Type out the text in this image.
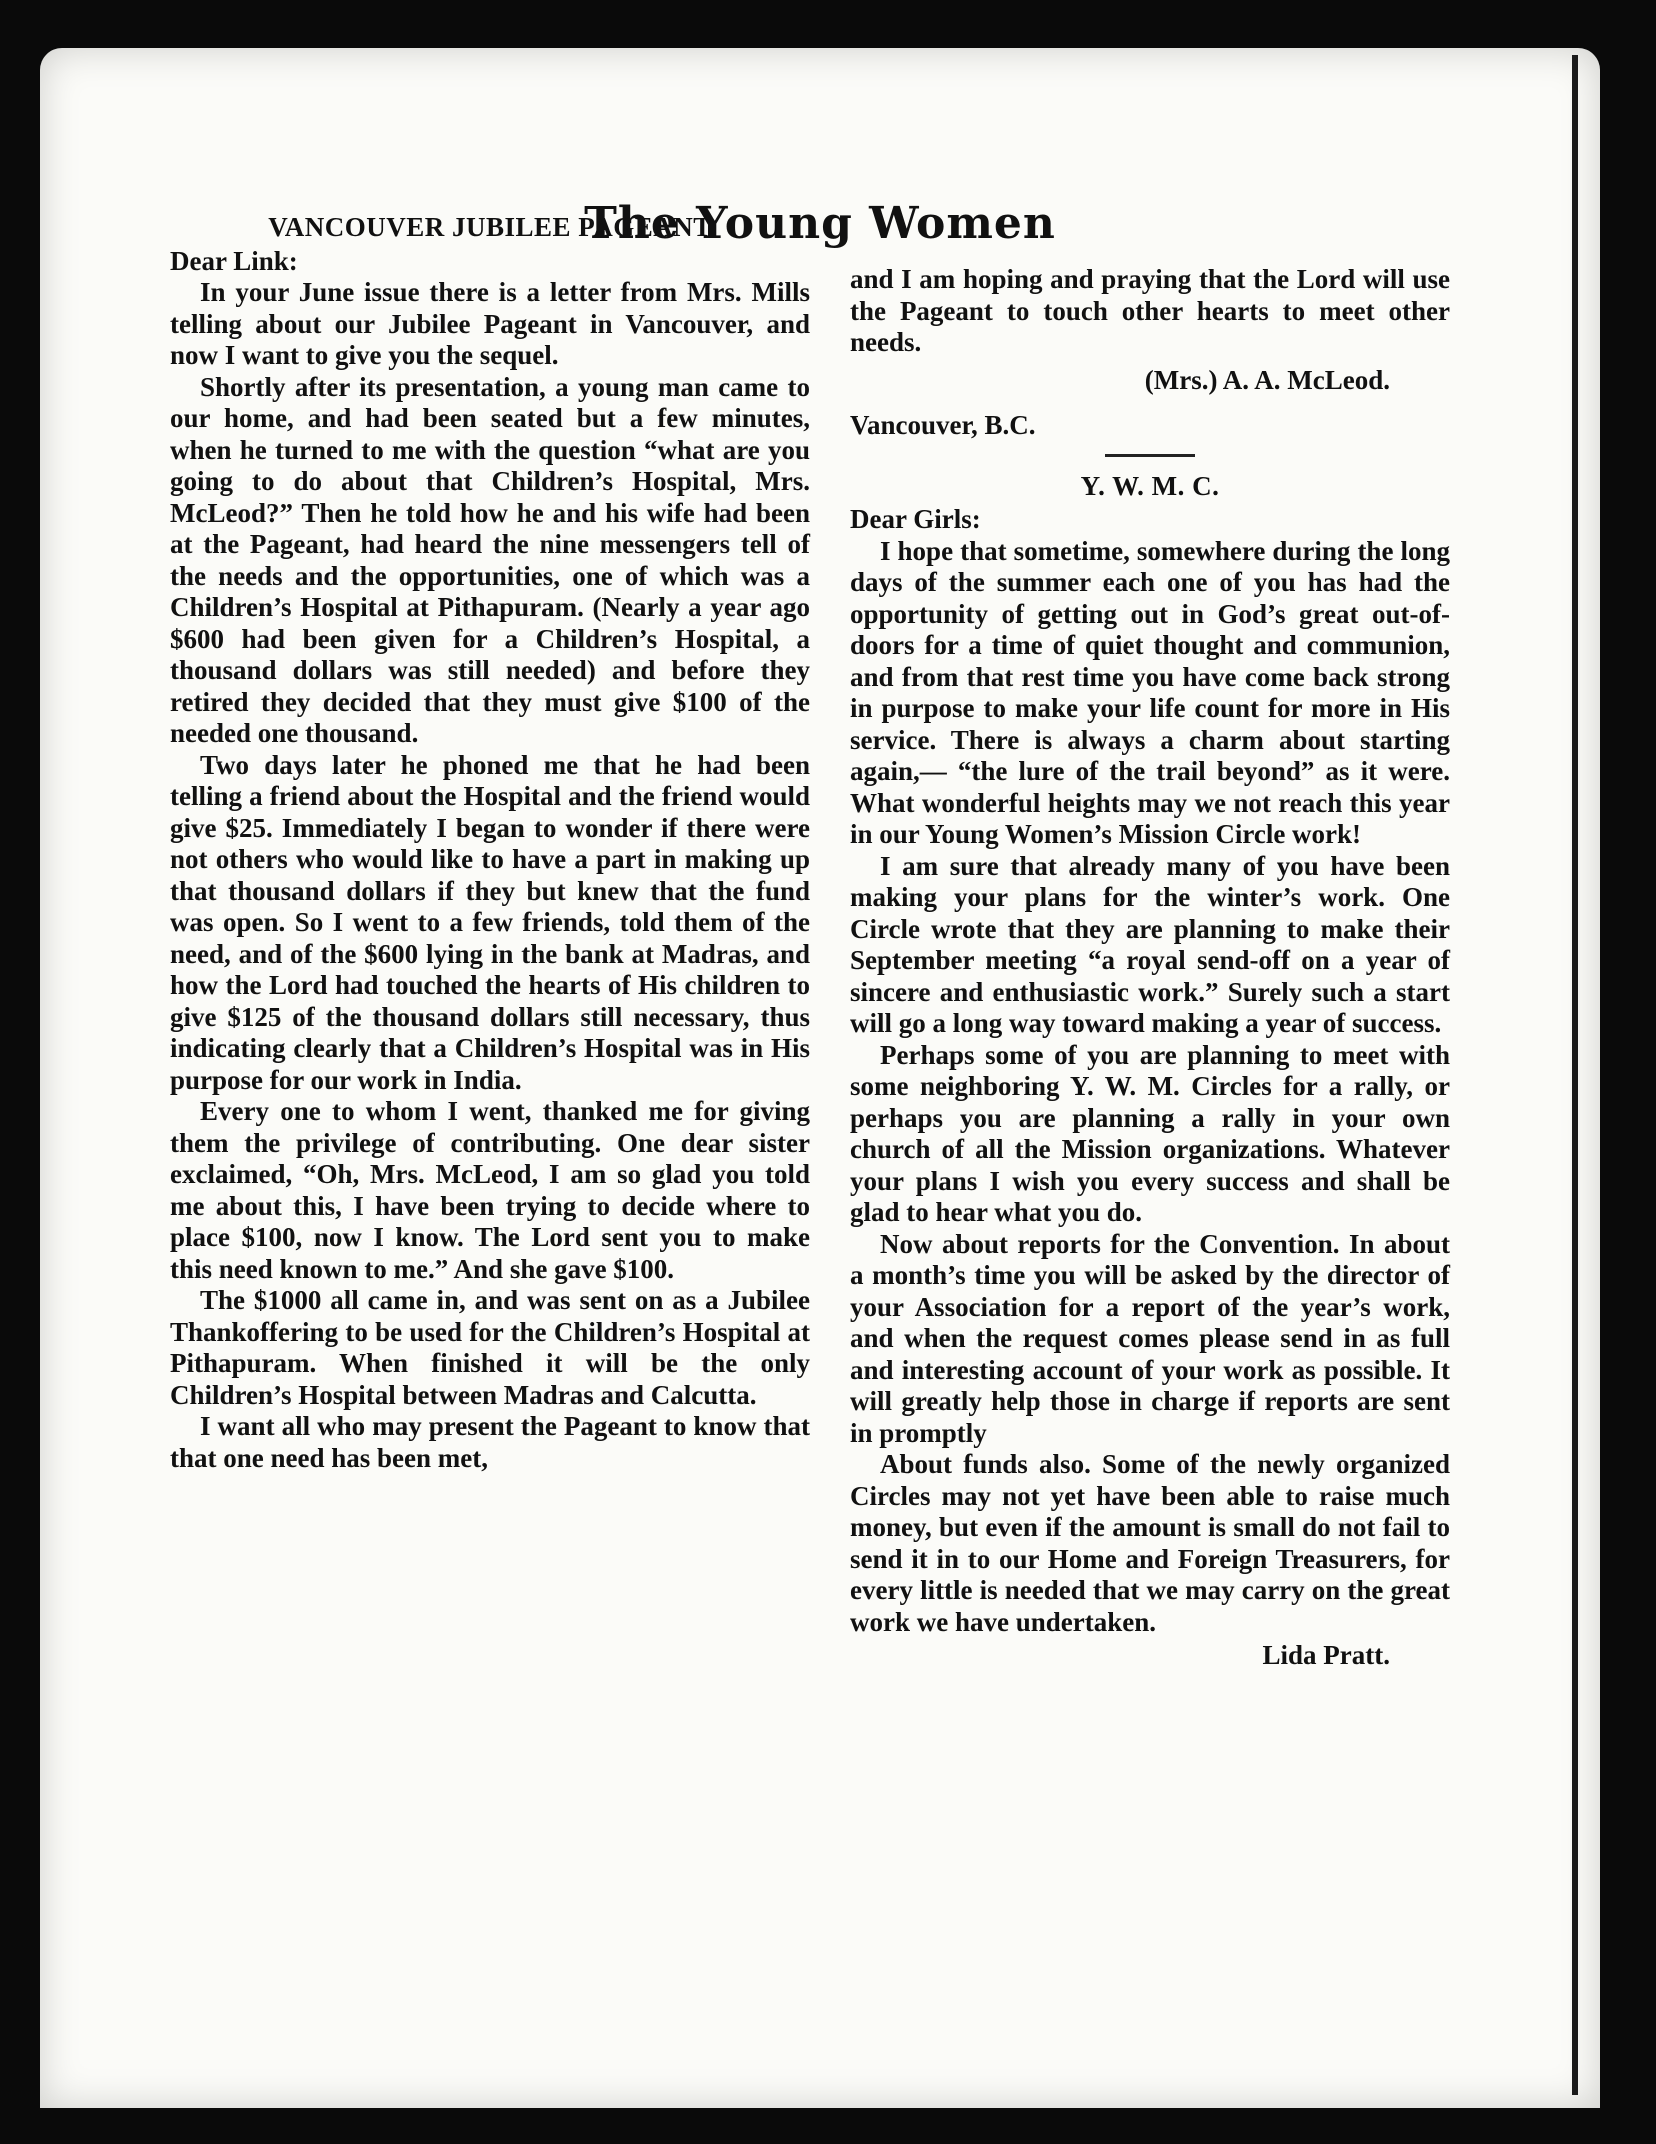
The Young Women
VANCOUVER JUBILEE PAGEANT
Dear Link:

In your June issue there is a letter from Mrs. Mills telling about our Jubilee Pageant in Vancouver, and now I want to give you the sequel.

Shortly after its presentation, a young man came to our home, and had been seated but a few minutes, when he turned to me with the question “what are you going to do about that Children’s Hospital, Mrs. McLeod?” Then he told how he and his wife had been at the Pageant, had heard the nine messengers tell of the needs and the opportunities, one of which was a Children’s Hospital at Pithapuram. (Nearly a year ago $600 had been given for a Children’s Hospital, a thousand dollars was still needed) and before they retired they decided that they must give $100 of the needed one thousand.

Two days later he phoned me that he had been telling a friend about the Hospital and the friend would give $25. Immediately I began to wonder if there were not others who would like to have a part in making up that thousand dollars if they but knew that the fund was open. So I went to a few friends, told them of the need, and of the $600 lying in the bank at Madras, and how the Lord had touched the hearts of His children to give $125 of the thousand dollars still necessary, thus indicating clearly that a Children’s Hospital was in His purpose for our work in India.

Every one to whom I went, thanked me for giving them the privilege of contributing. One dear sister exclaimed, “Oh, Mrs. McLeod, I am so glad you told me about this, I have been trying to decide where to place $100, now I know. The Lord sent you to make this need known to me.” And she gave $100.

The $1000 all came in, and was sent on as a Jubilee Thankoffering to be used for the Children’s Hospital at Pithapuram. When finished it will be the only Children’s Hospital between Madras and Calcutta.

I want all who may present the Pageant to know that that one need has been met,

and I am hoping and praying that the Lord will use the Pageant to touch other hearts to meet other needs.

(Mrs.) A. A. McLeod.
Vancouver, B.C.
Y. W. M. C.
Dear Girls:

I hope that sometime, somewhere during the long days of the summer each one of you has had the opportunity of getting out in God’s great out-of-doors for a time of quiet thought and communion, and from that rest time you have come back strong in purpose to make your life count for more in His service. There is always a charm about starting again,— “the lure of the trail beyond” as it were. What wonderful heights may we not reach this year in our Young Women’s Mission Circle work!

I am sure that already many of you have been making your plans for the winter’s work. One Circle wrote that they are planning to make their September meeting “a royal send-off on a year of sincere and enthusiastic work.” Surely such a start will go a long way toward making a year of success.

Perhaps some of you are planning to meet with some neighboring Y. W. M. Circles for a rally, or perhaps you are planning a rally in your own church of all the Mission organizations. Whatever your plans I wish you every success and shall be glad to hear what you do.

Now about reports for the Convention. In about a month’s time you will be asked by the director of your Association for a report of the year’s work, and when the request comes please send in as full and interesting account of your work as possible. It will greatly help those in charge if reports are sent in promptly

About funds also. Some of the newly organized Circles may not yet have been able to raise much money, but even if the amount is small do not fail to send it in to our Home and Foreign Treasurers, for every little is needed that we may carry on the great work we have undertaken.

Lida Pratt.
